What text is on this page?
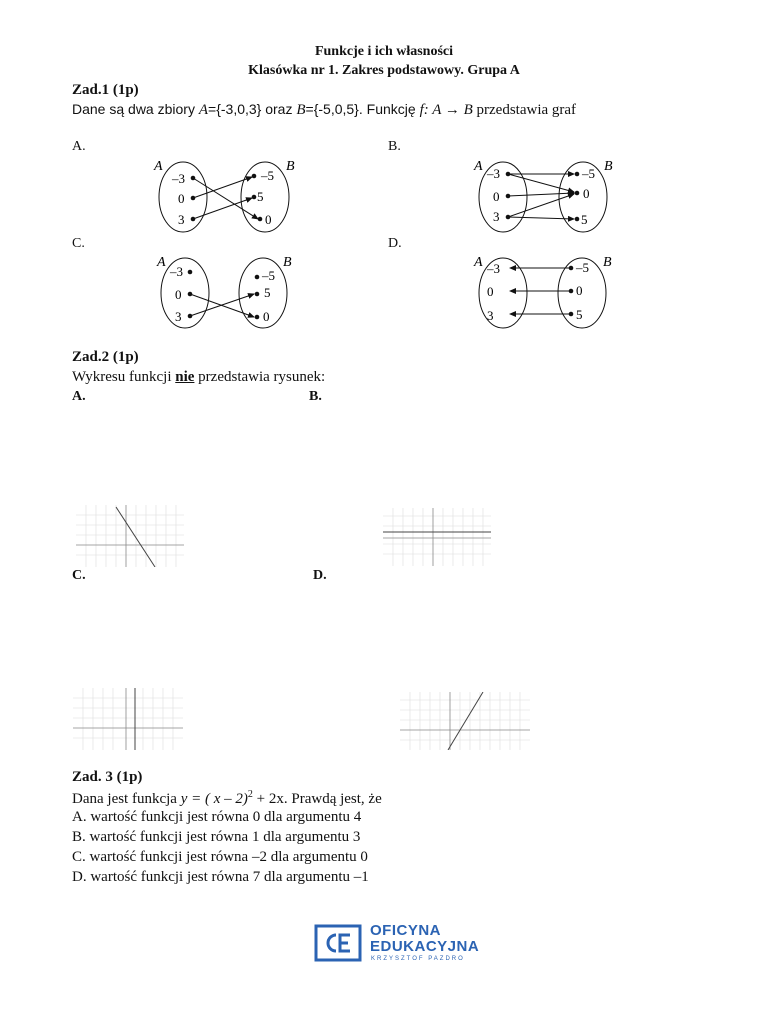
Funkcje i ich własności
Klasówka nr 1. Zakres podstawowy. Grupa A
Zad.1 (1p)
Dane są dwa zbiory A={-3,0,3} oraz B={-5,0,5}. Funkcję f: A → B przedstawia graf
A.	B.
C.	D.
A	B
–3
0
3
–5
5
0
A	B
–3
0
3
–5
0
5
A	B
–3
0
3
–5
5
0
A	B
–3
0
3
–5
0
5
Zad.2 (1p)
Wykresu funkcji nie przedstawia rysunek:
A.	B.
C.	D.
Zad. 3 (1p)
Dana jest funkcja y = ( x – 2)$^2$ + 2x. Prawdą jest, że
A. wartość funkcji jest równa 0 dla argumentu 4
B. wartość funkcji jest równa 1 dla argumentu 3
C. wartość funkcji jest równa –2 dla argumentu 0
D. wartość funkcji jest równa 7 dla argumentu –1
OFICYNA
EDUKACYJNA
KRZYSZTOF PAZDRO
